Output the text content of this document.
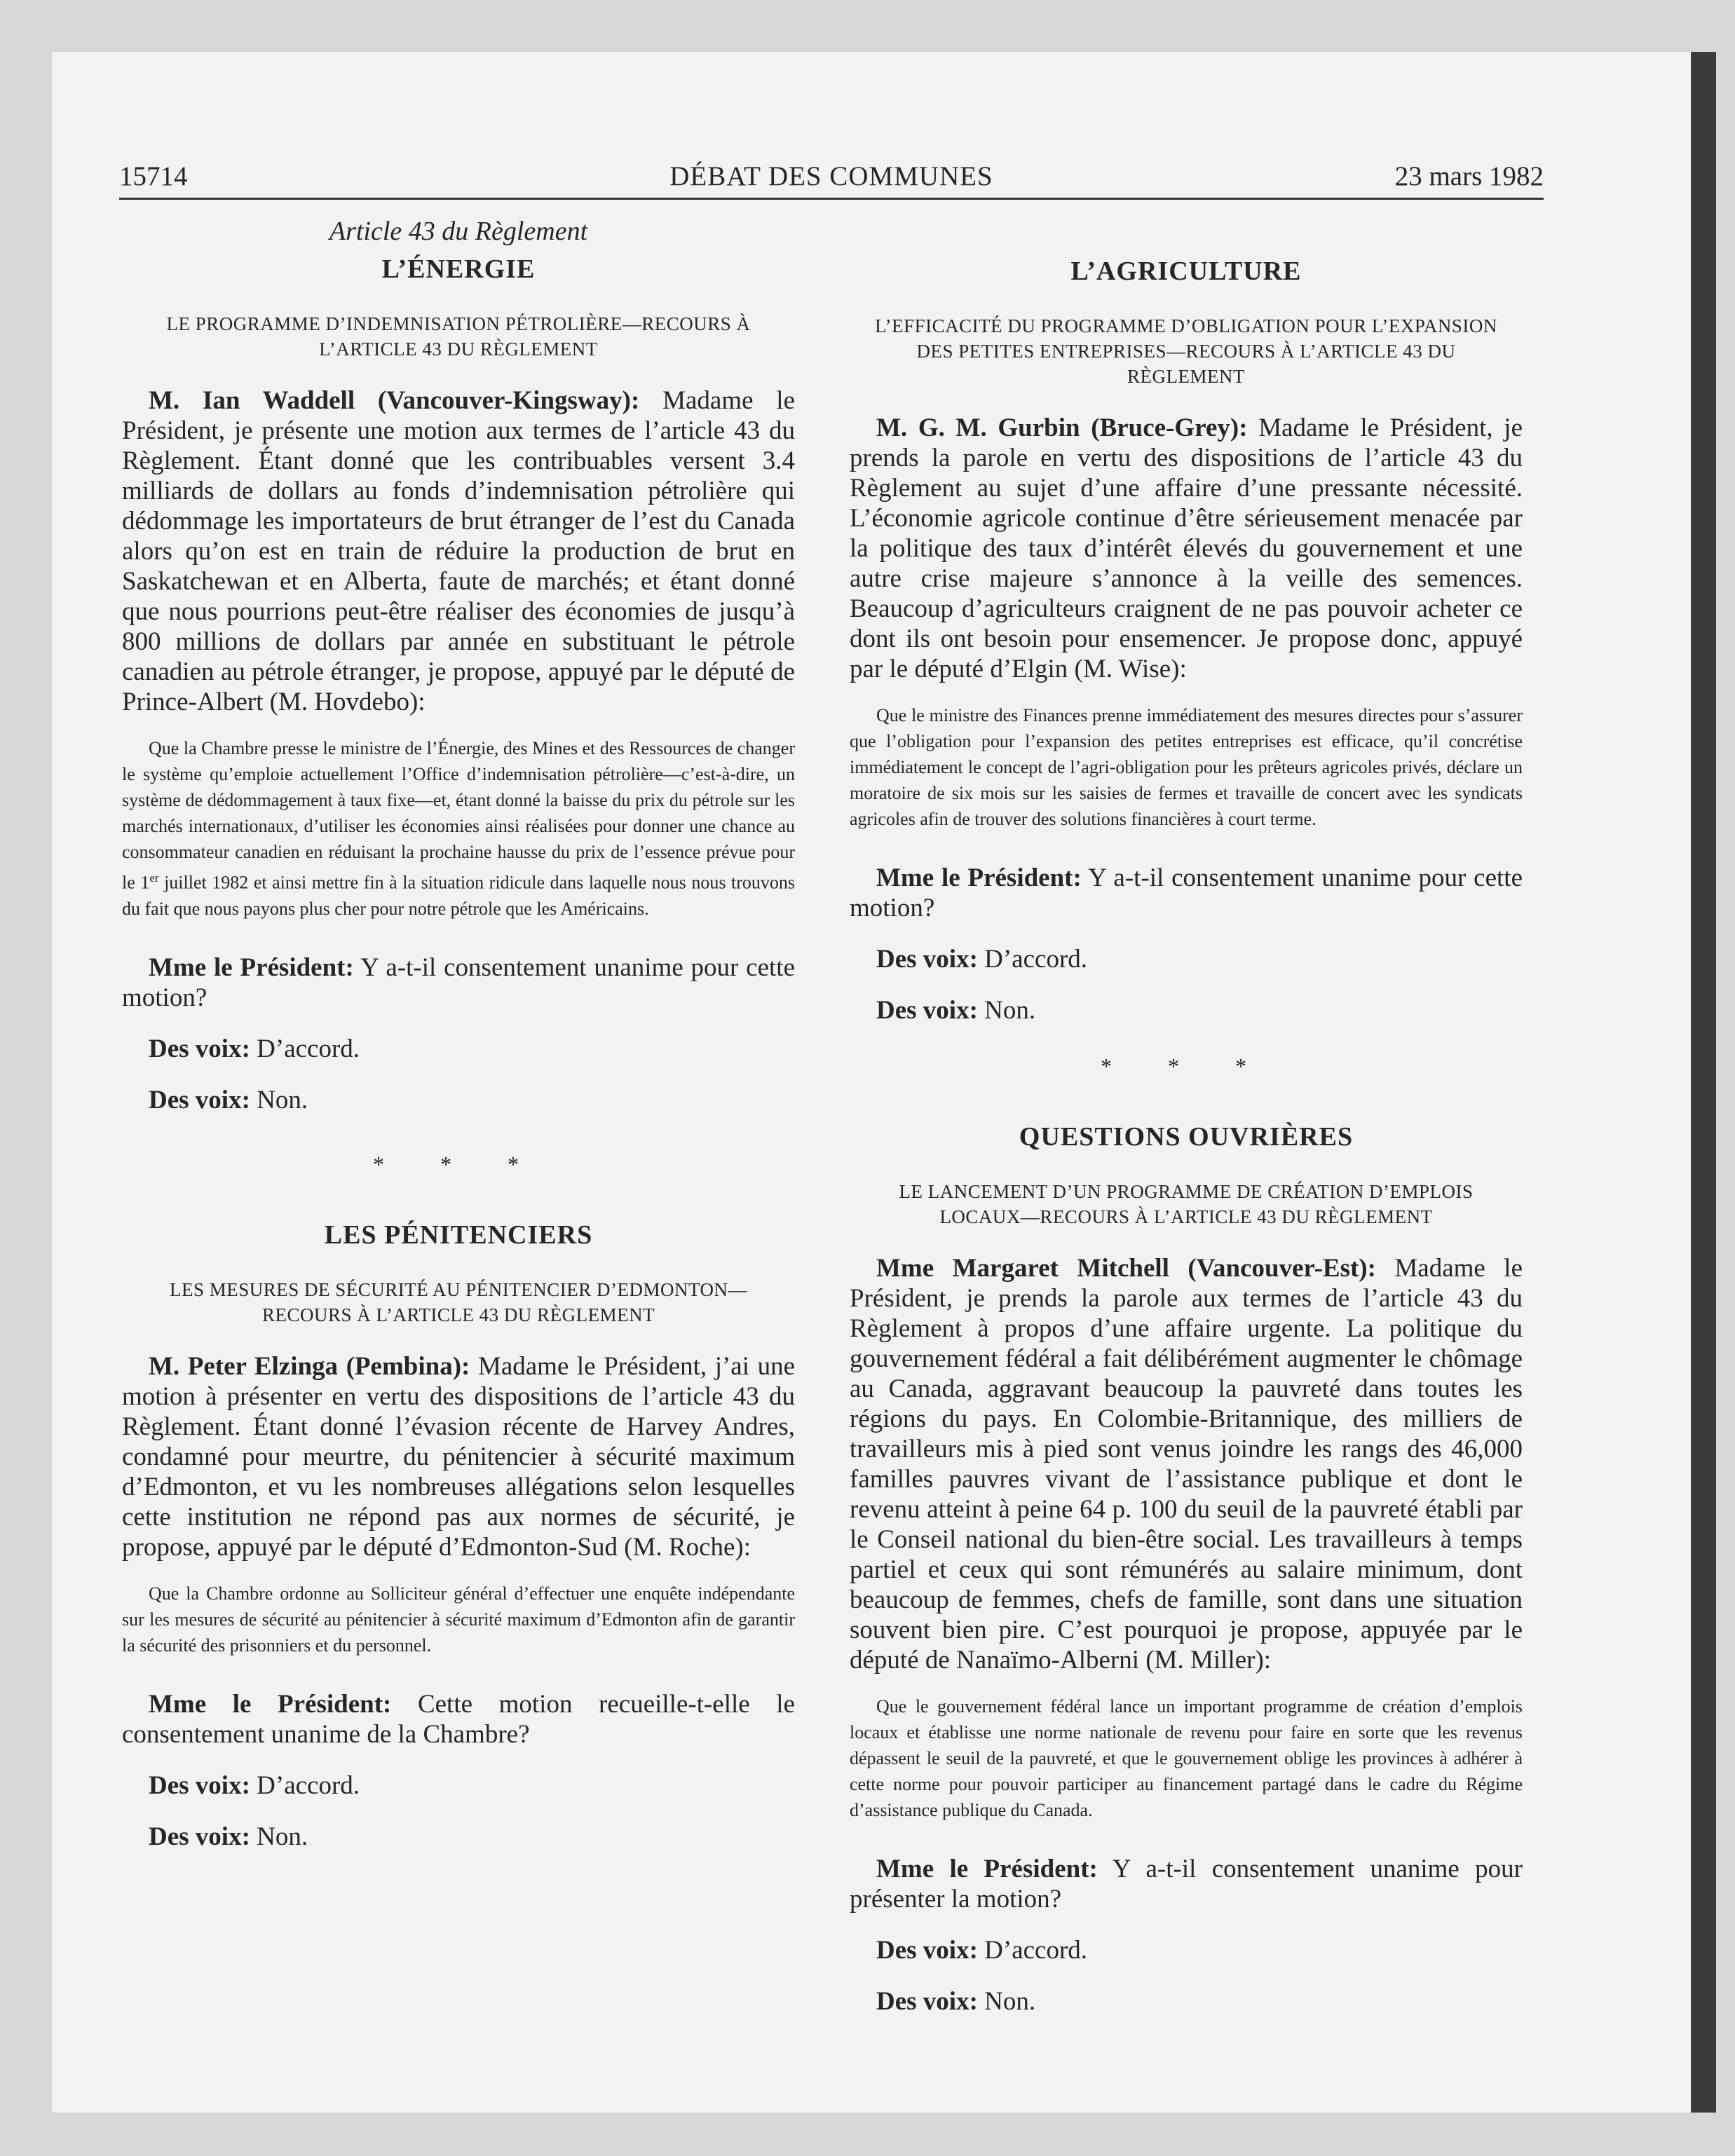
15714	DÉBAT DES COMMUNES	23 mars 1982
Article 43 du Règlement
L’ÉNERGIE
LE PROGRAMME D’INDEMNISATION PÉTROLIÈRE—RECOURS À L’ARTICLE 43 DU RÈGLEMENT

M. Ian Waddell (Vancouver-Kingsway): Madame le Président, je présente une motion aux termes de l’article 43 du Règlement. Étant donné que les contribuables versent 3.4 milliards de dollars au fonds d’indemnisation pétrolière qui dédommage les importateurs de brut étranger de l’est du Canada alors qu’on est en train de réduire la production de brut en Saskatchewan et en Alberta, faute de marchés; et étant donné que nous pourrions peut-être réaliser des économies de jusqu’à 800 millions de dollars par année en substituant le pétrole canadien au pétrole étranger, je propose, appuyé par le député de Prince-Albert (M. Hovdebo):

Que la Chambre presse le ministre de l’Énergie, des Mines et des Ressources de changer le système qu’emploie actuellement l’Office d’indemnisation pétrolière—c’est-à-dire, un système de dédommagement à taux fixe—et, étant donné la baisse du prix du pétrole sur les marchés internationaux, d’utiliser les économies ainsi réalisées pour donner une chance au consommateur canadien en réduisant la prochaine hausse du prix de l’essence prévue pour le 1er juillet 1982 et ainsi mettre fin à la situation ridicule dans laquelle nous nous trouvons du fait que nous payons plus cher pour notre pétrole que les Américains.

Mme le Président: Y a-t-il consentement unanime pour cette motion?

Des voix: D’accord.

Des voix: Non.

* * *
LES PÉNITENCIERS
LES MESURES DE SÉCURITÉ AU PÉNITENCIER D’EDMONTON—RECOURS À L’ARTICLE 43 DU RÈGLEMENT

M. Peter Elzinga (Pembina): Madame le Président, j’ai une motion à présenter en vertu des dispositions de l’article 43 du Règlement. Étant donné l’évasion récente de Harvey Andres, condamné pour meurtre, du pénitencier à sécurité maximum d’Edmonton, et vu les nombreuses allégations selon lesquelles cette institution ne répond pas aux normes de sécurité, je propose, appuyé par le député d’Edmonton-Sud (M. Roche):

Que la Chambre ordonne au Solliciteur général d’effectuer une enquête indépendante sur les mesures de sécurité au pénitencier à sécurité maximum d’Edmonton afin de garantir la sécurité des prisonniers et du personnel.

Mme le Président: Cette motion recueille-t-elle le consentement unanime de la Chambre?

Des voix: D’accord.

Des voix: Non.

L’AGRICULTURE
L’EFFICACITÉ DU PROGRAMME D’OBLIGATION POUR L’EXPANSION DES PETITES ENTREPRISES—RECOURS À L’ARTICLE 43 DU RÈGLEMENT

M. G. M. Gurbin (Bruce-Grey): Madame le Président, je prends la parole en vertu des dispositions de l’article 43 du Règlement au sujet d’une affaire d’une pressante nécessité. L’économie agricole continue d’être sérieusement menacée par la politique des taux d’intérêt élevés du gouvernement et une autre crise majeure s’annonce à la veille des semences. Beaucoup d’agriculteurs craignent de ne pas pouvoir acheter ce dont ils ont besoin pour ensemencer. Je propose donc, appuyé par le député d’Elgin (M. Wise):

Que le ministre des Finances prenne immédiatement des mesures directes pour s’assurer que l’obligation pour l’expansion des petites entreprises est efficace, qu’il concrétise immédiatement le concept de l’agri-obligation pour les prêteurs agricoles privés, déclare un moratoire de six mois sur les saisies de fermes et travaille de concert avec les syndicats agricoles afin de trouver des solutions financières à court terme.

Mme le Président: Y a-t-il consentement unanime pour cette motion?

Des voix: D’accord.

Des voix: Non.

* * *
QUESTIONS OUVRIÈRES
LE LANCEMENT D’UN PROGRAMME DE CRÉATION D’EMPLOIS LOCAUX—RECOURS À L’ARTICLE 43 DU RÈGLEMENT

Mme Margaret Mitchell (Vancouver-Est): Madame le Président, je prends la parole aux termes de l’article 43 du Règlement à propos d’une affaire urgente. La politique du gouvernement fédéral a fait délibérément augmenter le chômage au Canada, aggravant beaucoup la pauvreté dans toutes les régions du pays. En Colombie-Britannique, des milliers de travailleurs mis à pied sont venus joindre les rangs des 46,000 familles pauvres vivant de l’assistance publique et dont le revenu atteint à peine 64 p. 100 du seuil de la pauvreté établi par le Conseil national du bien-être social. Les travailleurs à temps partiel et ceux qui sont rémunérés au salaire minimum, dont beaucoup de femmes, chefs de famille, sont dans une situation souvent bien pire. C’est pourquoi je propose, appuyée par le député de Nanaïmo-Alberni (M. Miller):

Que le gouvernement fédéral lance un important programme de création d’emplois locaux et établisse une norme nationale de revenu pour faire en sorte que les revenus dépassent le seuil de la pauvreté, et que le gouvernement oblige les provinces à adhérer à cette norme pour pouvoir participer au financement partagé dans le cadre du Régime d’assistance publique du Canada.

Mme le Président: Y a-t-il consentement unanime pour présenter la motion?

Des voix: D’accord.

Des voix: Non.
